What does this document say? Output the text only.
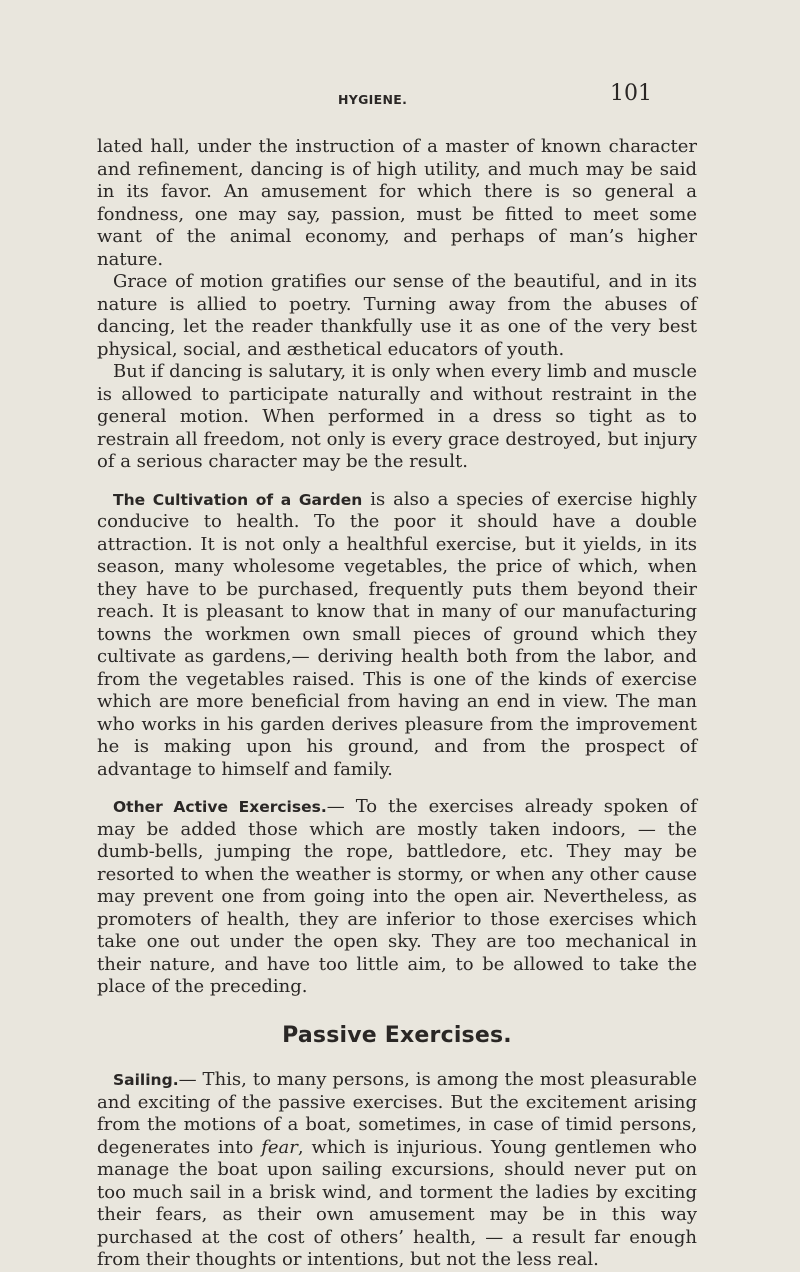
HYGIENE.	101

lated hall, under the instruction of a master of known character and refinement, dancing is of high utility, and much may be said in its favor. An amusement for which there is so general a fondness, one may say, passion, must be fitted to meet some want of the animal economy, and perhaps of man’s higher nature.

Grace of motion gratifies our sense of the beautiful, and in its nature is allied to poetry. Turning away from the abuses of dancing, let the reader thankfully use it as one of the very best physical, social, and æsthetical educators of youth.

But if dancing is salutary, it is only when every limb and muscle is allowed to participate naturally and without restraint in the general motion. When performed in a dress so tight as to restrain all freedom, not only is every grace destroyed, but injury of a serious character may be the result.

The Cultivation of a Garden is also a species of exercise highly conducive to health. To the poor it should have a double attraction. It is not only a healthful exercise, but it yields, in its season, many wholesome vegetables, the price of which, when they have to be purchased, frequently puts them beyond their reach. It is pleasant to know that in many of our manufacturing towns the workmen own small pieces of ground which they cultivate as gardens,— deriving health both from the labor, and from the vegetables raised. This is one of the kinds of exercise which are more beneficial from having an end in view. The man who works in his garden derives pleasure from the improvement he is making upon his ground, and from the prospect of advantage to himself and family.

Other Active Exercises.— To the exercises already spoken of may be added those which are mostly taken indoors, — the dumb-bells, jumping the rope, battledore, etc. They may be resorted to when the weather is stormy, or when any other cause may prevent one from going into the open air. Nevertheless, as promoters of health, they are inferior to those exercises which take one out under the open sky. They are too mechanical in their nature, and have too little aim, to be allowed to take the place of the preceding.

Passive Exercises.

Sailing.— This, to many persons, is among the most pleasurable and exciting of the passive exercises. But the excitement arising from the motions of a boat, sometimes, in case of timid persons, degenerates into fear, which is injurious. Young gentlemen who manage the boat upon sailing excursions, should never put on too much sail in a brisk wind, and torment the ladies by exciting their fears, as their own amusement may be in this way purchased at the cost of others’ health, — a result far enough from their thoughts or intentions, but not the less real.
